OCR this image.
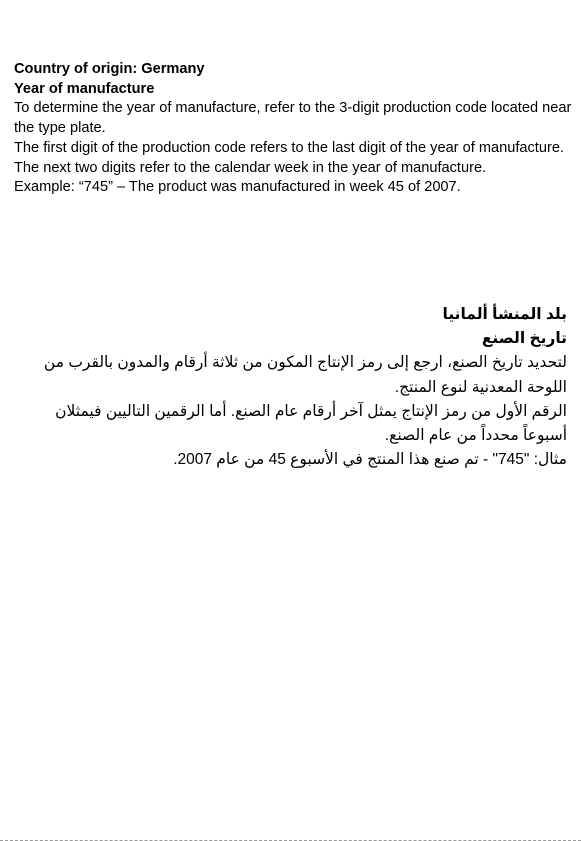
Country of origin: Germany

Year of manufacture

To determine the year of manufacture, refer to the 3-digit production code located near the type plate.

The first digit of the production code refers to the last digit of the year of manufacture. The next two digits refer to the calendar week in the year of manufacture.

Example: “745” – The product was manufactured in week 45 of 2007.

بلد المنشأ ألمانيا

تاريخ الصنع

لتحديد تاريخ الصنع، ارجع إلى رمز الإنتاج المكون من ثلاثة أرقام والمدون بالقرب من اللوحة المعدنية لنوع المنتج.

الرقم الأول من رمز الإنتاج يمثل آخر أرقام عام الصنع. أما الرقمين التاليين فيمثلان أسبوعاً محدداً من عام الصنع.

مثال: "745" - تم صنع هذا المنتج في الأسبوع 45 من عام 2007.
